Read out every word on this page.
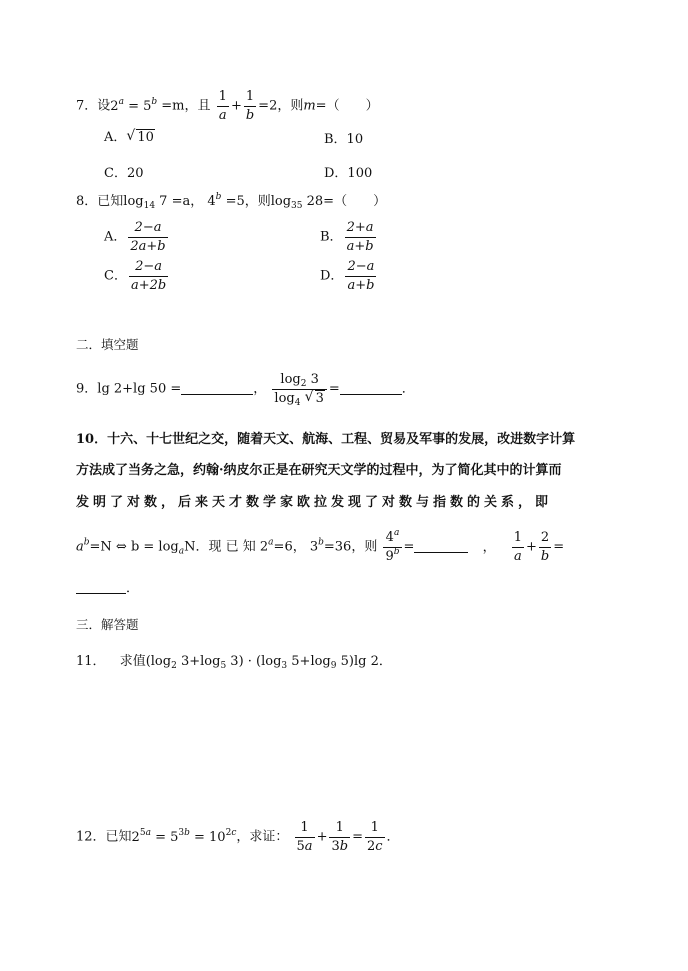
7．设$2^a = 5^b =m$，且 $\frac{1}{a} + \frac{1}{b} =2$，则m=（　　）
A． √ 10	B．10
C．20	D．100
8．已知$\log_{14} 7 =a$， $4^b =5$，则$\log_{35} 28=$（　　）
A． $\frac{2-a}{2a+b}$	B． $\frac{2+a}{a+b}$
C． $\frac{2-a}{a+2b}$	D． $\frac{2-a}{a+b}$
二．填空题
9．lg 2+lg 50 =	， $\frac{\log_2 3}{\log_4 √ 3}$ =	．
10．十六、十七世纪之交，随着天文、航海、工程、贸易及军事的发展，改进数字计算
方法成了当务之急，约翰·纳皮尔正是在研究天文学的过程中，为了简化其中的计算而
发明了对数，后来天才数学家欧拉发现了对数与指数的关系，即
$a^b=N$ ⇔ $b = \log_aN$．现 已 知 $2^a=6$， $3^b=36$，则 $\frac{4^a}{9^b}$ =	， $\frac{1}{a} + \frac{2}{b}$ =
．
三．解答题
11． 求值($\log_2$ $3+\log_5$ $3) \cdot (\log_3$ $5+\log_9$ 5)lg 2．
12．已知$2^{5a} = 5^{3b} = 10^{2c}$，求证： $\frac{1}{5a} + \frac{1}{3b} = \frac{1}{2c}$ ．
